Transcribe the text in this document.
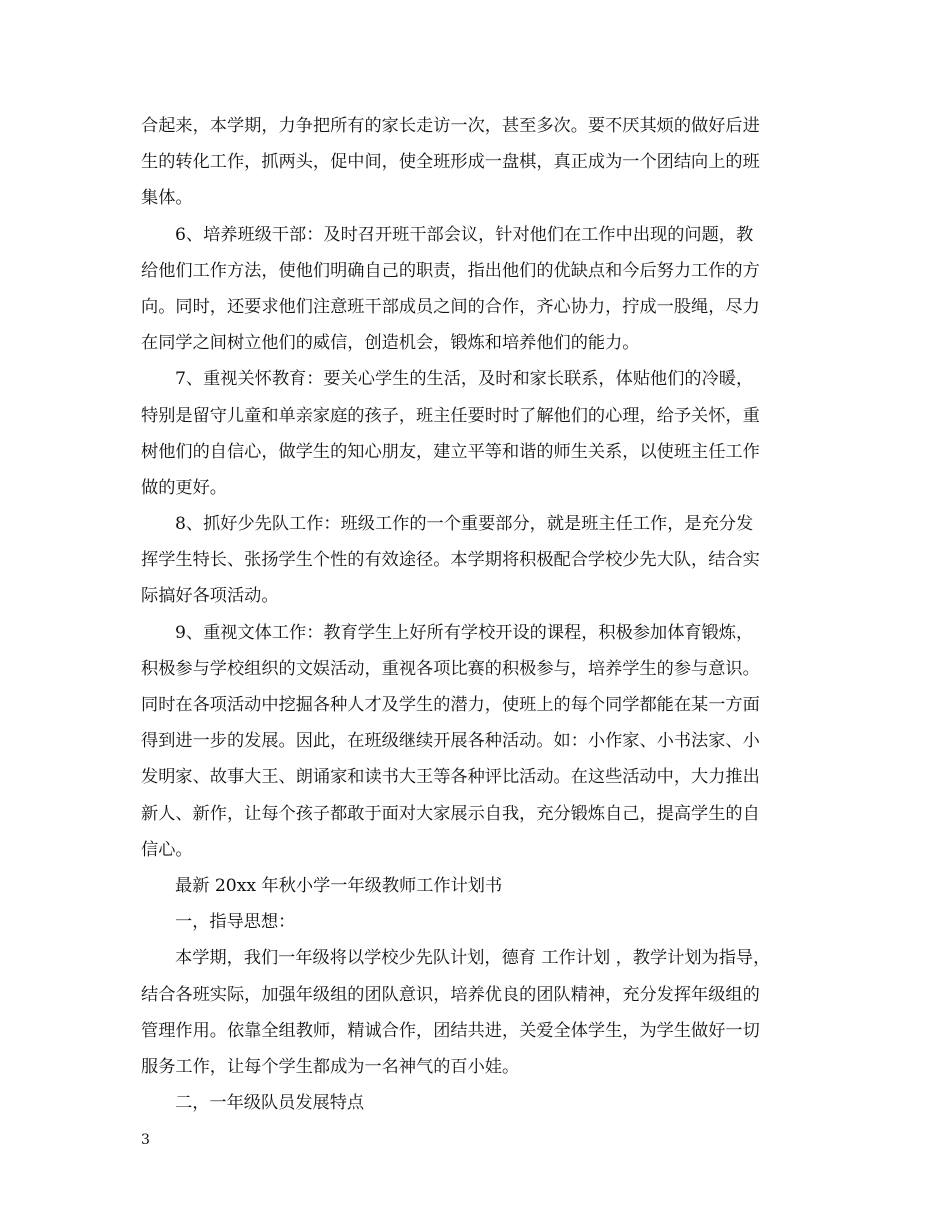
合起来，本学期，力争把所有的家长走访一次，甚至多次。要不厌其烦的做好后进
生的转化工作，抓两头，促中间，使全班形成一盘棋，真正成为一个团结向上的班
集体。
6、培养班级干部：及时召开班干部会议，针对他们在工作中出现的问题，教
给他们工作方法，使他们明确自己的职责，指出他们的优缺点和今后努力工作的方
向。同时，还要求他们注意班干部成员之间的合作，齐心协力，拧成一股绳，尽力
在同学之间树立他们的威信，创造机会，锻炼和培养他们的能力。
7、重视关怀教育：要关心学生的生活，及时和家长联系，体贴他们的冷暖，
特别是留守儿童和单亲家庭的孩子，班主任要时时了解他们的心理，给予关怀，重
树他们的自信心，做学生的知心朋友，建立平等和谐的师生关系，以使班主任工作
做的更好。
8、抓好少先队工作：班级工作的一个重要部分，就是班主任工作，是充分发
挥学生特长、张扬学生个性的有效途径。本学期将积极配合学校少先大队，结合实
际搞好各项活动。
9、重视文体工作：教育学生上好所有学校开设的课程，积极参加体育锻炼，
积极参与学校组织的文娱活动，重视各项比赛的积极参与，培养学生的参与意识。
同时在各项活动中挖掘各种人才及学生的潜力，使班上的每个同学都能在某一方面
得到进一步的发展。因此，在班级继续开展各种活动。如：小作家、小书法家、小
发明家、故事大王、朗诵家和读书大王等各种评比活动。在这些活动中，大力推出
新人、新作，让每个孩子都敢于面对大家展示自我，充分锻炼自己，提高学生的自
信心。
最新 20xx 年秋小学一年级教师工作计划书
一，指导思想：
本学期，我们一年级将以学校少先队计划，德育 工作计划 ，教学计划为指导，
结合各班实际，加强年级组的团队意识，培养优良的团队精神，充分发挥年级组的
管理作用。依靠全组教师，精诚合作，团结共进，关爱全体学生，为学生做好一切
服务工作，让每个学生都成为一名神气的百小娃。
二，一年级队员发展特点
3
